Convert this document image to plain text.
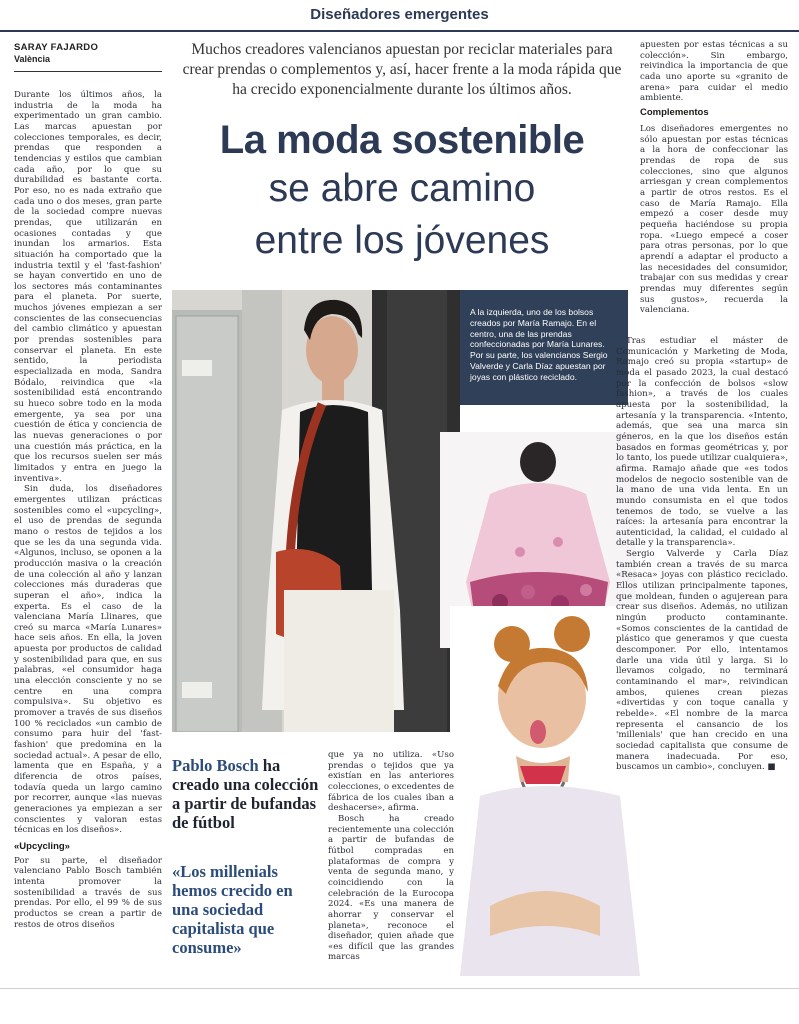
Diseñadores emergentes
SARAY FAJARDO
València
Muchos creadores valencianos apuestan por reciclar materiales para crear prendas o complementos y, así, hacer frente a la moda rápida que ha crecido exponencialmente durante los últimos años.
La moda sostenible
se abre camino
entre los jóvenes

Durante los últimos años, la industria de la moda ha experimentado un gran cambio. Las marcas apuestan por colecciones temporales, es decir, prendas que responden a tendencias y estilos que cambian cada año, por lo que su durabilidad es bastante corta. Por eso, no es nada extraño que cada uno o dos meses, gran parte de la sociedad compre nuevas prendas, que utilizarán en ocasiones contadas y que inundan los armarios. Esta situación ha comportado que la industria textil y el 'fast-fashion' se hayan convertido en uno de los sectores más contaminantes para el planeta. Por suerte, muchos jóvenes empiezan a ser conscientes de las consecuencias del cambio climático y apuestan por prendas sostenibles para conservar el planeta. En este sentido, la periodista especializada en moda, Sandra Bódalo, reivindica que «la sostenibilidad está encontrando su hueco sobre todo en la moda emergente, ya sea por una cuestión de ética y conciencia de las nuevas generaciones o por una cuestión más práctica, en la que los recursos suelen ser más limitados y entra en juego la inventiva».

Sin duda, los diseñadores emergentes utilizan prácticas sostenibles como el «upcycling», el uso de prendas de segunda mano o restos de tejidos a los que se les da una segunda vida. «Algunos, incluso, se oponen a la producción masiva o la creación de una colección al año y lanzan colecciones más duraderas que superan el año», indica la experta. Es el caso de la valenciana María Llinares, que creó su marca «María Lunares» hace seis años. En ella, la joven apuesta por productos de calidad y sostenibilidad para que, en sus palabras, «el consumidor haga una elección consciente y no se centre en una compra compulsiva». Su objetivo es promover a través de sus diseños 100 % reciclados «un cambio de consumo para huir del 'fast-fashion' que predomina en la sociedad actual». A pesar de ello, lamenta que en España, y a diferencia de otros países, todavía queda un largo camino por recorrer, aunque «las nuevas generaciones ya empiezan a ser conscientes y valoran estas técnicas en los diseños».

«Upcycling»

Por su parte, el diseñador valenciano Pablo Bosch también intenta promover la sostenibilidad a través de sus prendas. Por ello, el 99 % de sus productos se crean a partir de restos de otros diseños

A la izquierda, uno de los bolsos creados por María Ramajo. En el centro, una de las prendas confeccionadas por María Lunares. Por su parte, los valencianos Sergio Valverde y Carla Díaz apuestan por joyas con plástico reciclado.
Pablo Bosch ha creado una colección a partir de bufandas de fútbol
«Los millenials hemos crecido en una sociedad capitalista que consume»

que ya no utiliza. «Uso prendas o tejidos que ya existían en las anteriores colecciones, o excedentes de fábrica de los cuales iban a deshacerse», afirma.

Bosch ha creado recientemente una colección a partir de bufandas de fútbol compradas en plataformas de compra y venta de segunda mano, y coincidiendo con la celebración de la Eurocopa 2024. «Es una manera de ahorrar y conservar el planeta», reconoce el diseñador, quien añade que «es difícil que las grandes marcas

apuesten por estas técnicas a su colección». Sin embargo, reivindica la importancia de que cada uno aporte su «granito de arena» para cuidar el medio ambiente.

Complementos

Los diseñadores emergentes no sólo apuestan por estas técnicas a la hora de confeccionar las prendas de ropa de sus colecciones, sino que algunos arriesgan y crean complementos a partir de otros restos. Es el caso de María Ramajo. Ella empezó a coser desde muy pequeña haciéndose su propia ropa. «Luego empecé a coser para otras personas, por lo que aprendí a adaptar el producto a las necesidades del consumidor, trabajar con sus medidas y crear prendas muy diferentes según sus gustos», recuerda la valenciana.

Tras estudiar el máster de Comunicación y Marketing de Moda, Ramajo creó su propia «startup» de moda el pasado 2023, la cual destacó por la confección de bolsos «slow fashion», a través de los cuales apuesta por la sostenibilidad, la artesanía y la transparencia. «Intento, además, que sea una marca sin géneros, en la que los diseños están basados en formas geométricas y, por lo tanto, los puede utilizar cualquiera», afirma. Ramajo añade que «es todos modelos de negocio sostenible van de la mano de una vida lenta. En un mundo consumista en el que todos tenemos de todo, se vuelve a las raíces: la artesanía para encontrar la autenticidad, la calidad, el cuidado al detalle y la transparencia».

Sergio Valverde y Carla Díaz también crean a través de su marca «Resaca» joyas con plástico reciclado. Ellos utilizan principalmente tapones, que moldean, funden o agujerean para crear sus diseños. Además, no utilizan ningún producto contaminante. «Somos conscientes de la cantidad de plástico que generamos y que cuesta descomponer. Por ello, intentamos darle una vida útil y larga. Si lo llevamos colgado, no terminará contaminando el mar», reivindican ambos, quienes crean piezas «divertidas y con toque canalla y rebelde». «El nombre de la marca representa el cansancio de los 'millenials' que han crecido en una sociedad capitalista que consume de manera inadecuada. Por eso, buscamos un cambio», concluyen. ■
